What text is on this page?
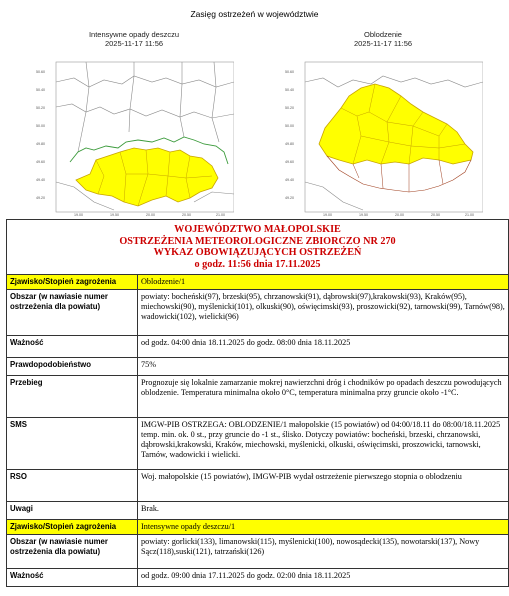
Zasięg ostrzeżeń w województwie
Intensywne opady deszczu
2025-11-17 11:56
50.60
50.40
50.20
50.00
49.80
49.60
49.40
49.20
19.00	19.50	20.00	20.50	21.00
Oblodzenie
2025-11-17 11:56
50.60
50.40
50.20
50.00
49.80
49.60
49.40
49.20
19.00	19.50	20.00	20.50	21.00
WOJEWÓDZTWO MAŁOPOLSKIE
OSTRZEŻENIA METEOROLOGICZNE ZBIORCZO NR 270
WYKAZ OBOWIĄZUJĄCYCH OSTRZEŻEŃ
o godz. 11:56 dnia 17.11.2025	

Zjawisko/Stopień zagrożenia	Oblodzenie/1
Obszar (w nawiasie numer ostrzeżenia dla powiatu)	powiaty: bocheński(97), brzeski(95), chrzanowski(91), dąbrowski(97),krakowski(93), Kraków(95), miechowski(90), myślenicki(101), olkuski(90), oświęcimski(93), proszowicki(92), tarnowski(99), Tarnów(98), wadowicki(102), wielicki(96)
Ważność	od godz. 04:00 dnia 18.11.2025 do godz. 08:00 dnia 18.11.2025
Prawdopodobieństwo	75%
Przebieg	Prognozuje się lokalnie zamarzanie mokrej nawierzchni dróg i chodników po opadach deszczu powodujących oblodzenie. Temperatura minimalna około 0°C, temperatura minimalna przy gruncie około -1°C.
SMS	IMGW-PIB OSTRZEGA: OBLODZENIE/1 małopolskie (15 powiatów) od 04:00/18.11 do 08:00/18.11.2025 temp. min. ok. 0 st., przy gruncie do -1 st., ślisko. Dotyczy powiatów: bocheński, brzeski, chrzanowski, dąbrowski,krakowski, Kraków, miechowski, myślenicki, olkuski, oświęcimski, proszowicki, tarnowski, Tarnów, wadowicki i wielicki.
RSO	Woj. małopolskie (15 powiatów), IMGW-PIB wydał ostrzeżenie pierwszego stopnia o oblodzeniu
Uwagi	Brak.
Zjawisko/Stopień zagrożenia	Intensywne opady deszczu/1
Obszar (w nawiasie numer ostrzeżenia dla powiatu)	powiaty: gorlicki(133), limanowski(115), myślenicki(100), nowosądecki(135), nowotarski(137), Nowy Sącz(118),suski(121), tatrzański(126)
Ważność	od godz. 09:00 dnia 17.11.2025 do godz. 02:00 dnia 18.11.2025
